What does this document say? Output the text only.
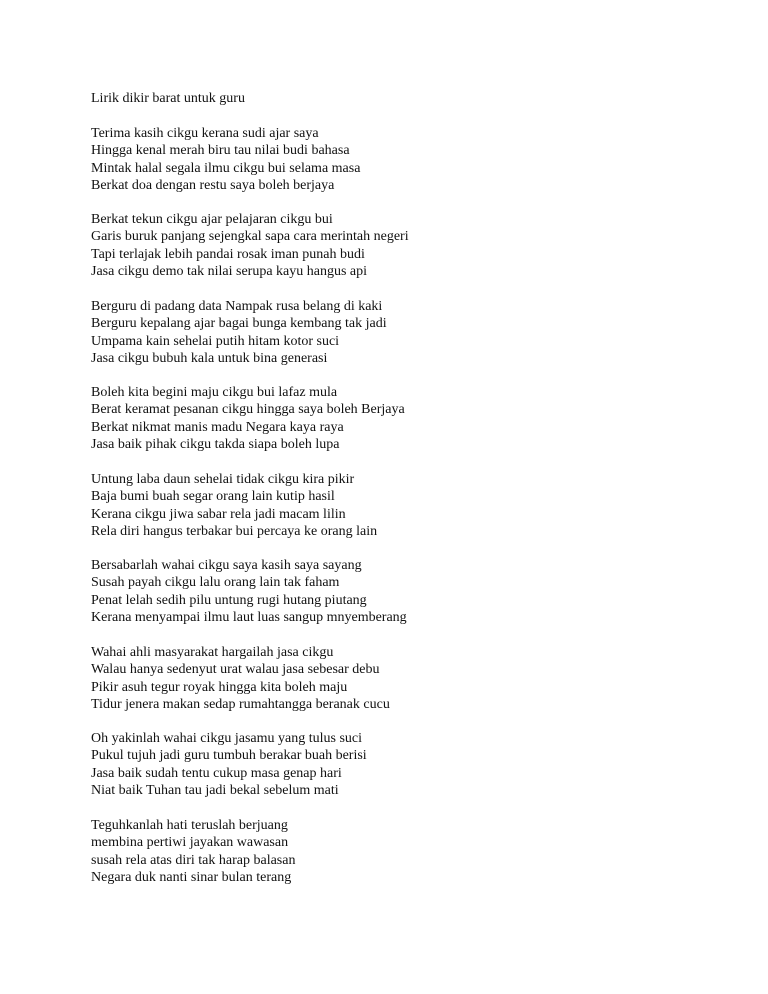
Lirik dikir barat untuk guru

Terima kasih cikgu kerana sudi ajar saya
Hingga kenal merah biru tau nilai budi bahasa
Mintak halal segala ilmu cikgu bui selama masa
Berkat doa dengan restu saya boleh berjaya
Berkat tekun cikgu ajar pelajaran cikgu bui
Garis buruk panjang sejengkal sapa cara merintah negeri
Tapi terlajak lebih pandai rosak iman punah budi
Jasa cikgu demo tak nilai serupa kayu hangus api
Berguru di padang data Nampak rusa belang di kaki
Berguru kepalang ajar bagai bunga kembang tak jadi
Umpama kain sehelai putih hitam kotor suci
Jasa cikgu bubuh kala untuk bina generasi
Boleh kita begini maju cikgu bui lafaz mula
Berat keramat pesanan cikgu hingga saya boleh Berjaya
Berkat nikmat manis madu Negara kaya raya
Jasa baik pihak cikgu takda siapa boleh lupa
Untung laba daun sehelai tidak cikgu kira pikir
Baja bumi buah segar orang lain kutip hasil
Kerana cikgu jiwa sabar rela jadi macam lilin
Rela diri hangus terbakar bui percaya ke orang lain
Bersabarlah wahai cikgu saya kasih saya sayang
Susah payah cikgu lalu orang lain tak faham
Penat lelah sedih pilu untung rugi hutang piutang
Kerana menyampai ilmu laut luas sangup mnyemberang
Wahai ahli masyarakat hargailah jasa cikgu
Walau hanya sedenyut urat walau jasa sebesar debu
Pikir asuh tegur royak hingga kita boleh maju
Tidur jenera makan sedap rumahtangga beranak cucu
Oh yakinlah wahai cikgu jasamu yang tulus suci
Pukul tujuh jadi guru tumbuh berakar buah berisi
Jasa baik sudah tentu cukup masa genap hari
Niat baik Tuhan tau jadi bekal sebelum mati
Teguhkanlah hati teruslah berjuang
membina pertiwi jayakan wawasan
susah rela atas diri tak harap balasan
Negara duk nanti sinar bulan terang
